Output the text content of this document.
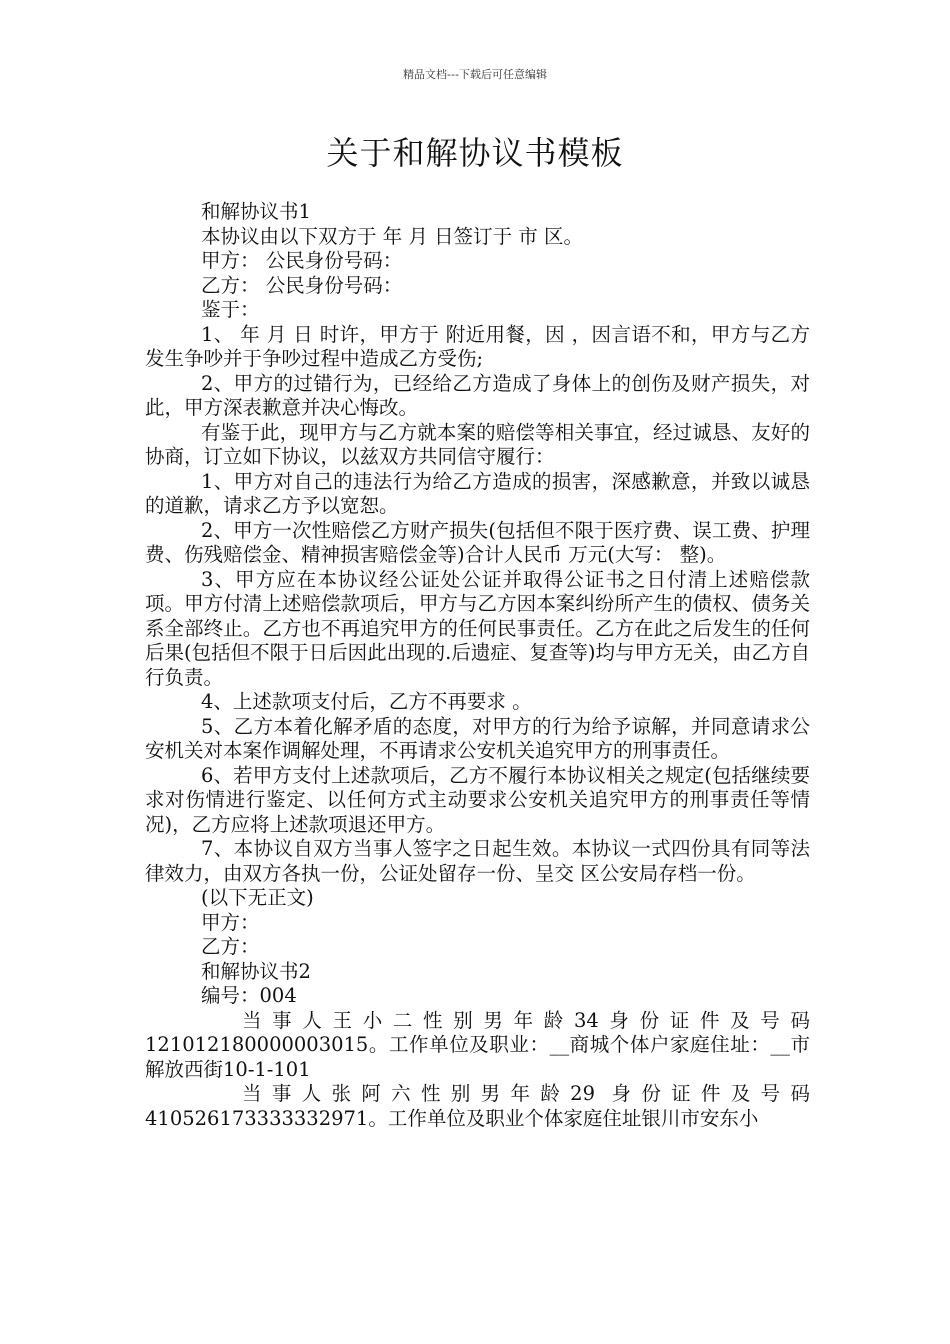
精品文档---下载后可任意编辑
关于和解协议书模板

和解协议书1

本协议由以下双方于 年 月 日签订于 市 区。

甲方： 公民身份号码：

乙方： 公民身份号码：

鉴于：

1、 年 月 日 时许，甲方于 附近用餐，因 ，因言语不和，甲方与乙方发生争吵并于争吵过程中造成乙方受伤;

2、甲方的过错行为，已经给乙方造成了身体上的创伤及财产损失，对此，甲方深表歉意并决心悔改。

有鉴于此，现甲方与乙方就本案的赔偿等相关事宜，经过诚恳、友好的协商，订立如下协议，以兹双方共同信守履行：

1、甲方对自己的违法行为给乙方造成的损害，深感歉意，并致以诚恳的道歉，请求乙方予以宽恕。

2、甲方一次性赔偿乙方财产损失(包括但不限于医疗费、误工费、护理费、伤残赔偿金、精神损害赔偿金等)合计人民币 万元(大写： 整)。

3、甲方应在本协议经公证处公证并取得公证书之日付清上述赔偿款项。甲方付清上述赔偿款项后，甲方与乙方因本案纠纷所产生的债权、债务关系全部终止。乙方也不再追究甲方的任何民事责任。乙方在此之后发生的任何后果(包括但不限于日后因此出现的.后遗症、复查等)均与甲方无关，由乙方自行负责。

4、上述款项支付后，乙方不再要求 。

5、乙方本着化解矛盾的态度，对甲方的行为给予谅解，并同意请求公安机关对本案作调解处理，不再请求公安机关追究甲方的刑事责任。

6、若甲方支付上述款项后，乙方不履行本协议相关之规定(包括继续要求对伤情进行鉴定、以任何方式主动要求公安机关追究甲方的刑事责任等情况)，乙方应将上述款项退还甲方。

7、本协议自双方当事人签字之日起生效。本协议一式四份具有同等法律效力，由双方各执一份，公证处留存一份、呈交 区公安局存档一份。

(以下无正文)

甲方：

乙方：

和解协议书2

编号：004

当事人王小二性别男年龄34身份证件及号码121012180000003015。工作单位及职业：__商城个体户家庭住址：__市解放西街10-1-101

当事人张阿六性别男年龄29 身份证件及号码410526173333332971。工作单位及职业个体家庭住址银川市安东小
